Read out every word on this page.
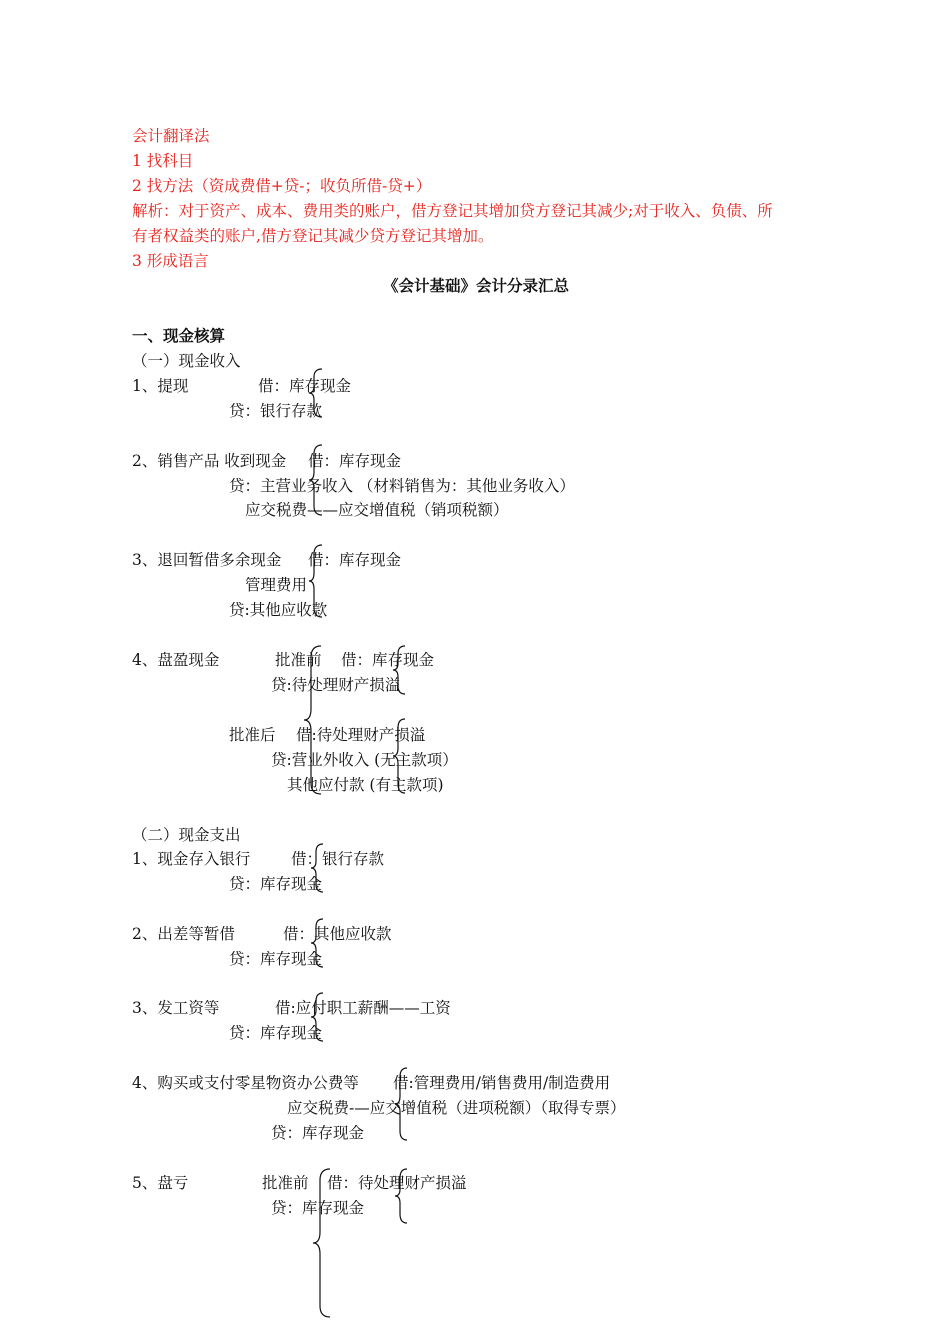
会计翻译法
1 找科目
2 找方法（资成费借+贷-；收负所借-贷+）
解析：对于资产、成本、费用类的账户，借方登记其增加贷方登记其减少;对于收入、负债、所
有者权益类的账户,借方登记其减少贷方登记其增加。
3 形成语言
《会计基础》会计分录汇总
一、现金核算
（一）现金收入
1、提现	借：库存现金
贷：银行存款
2、销售产品 收到现金 借：库存现金
贷：主营业务收入 （材料销售为：其他业务收入）
应交税费——应交增值税（销项税额）
3、退回暂借多余现金 借：库存现金
管理费用
贷:其他应收款
4、盘盈现金	批准前 借：库存现金
贷:待处理财产损溢
批准后 借:待处理财产损溢
贷:营业外收入 (无主款项）
其他应付款 (有主款项)
（二）现金支出
1、现金存入银行	借：银行存款
贷：库存现金
2、出差等暂借	借：其他应收款
贷：库存现金
3、发工资等	借:应付职工薪酬——工资
贷：库存现金
4、购买或支付零星物资办公费等 借:管理费用/销售费用/制造费用
应交税费-—应交增值税（进项税额）（取得专票）
贷：库存现金
5、盘亏	批准前 借：待处理财产损溢
贷：库存现金
